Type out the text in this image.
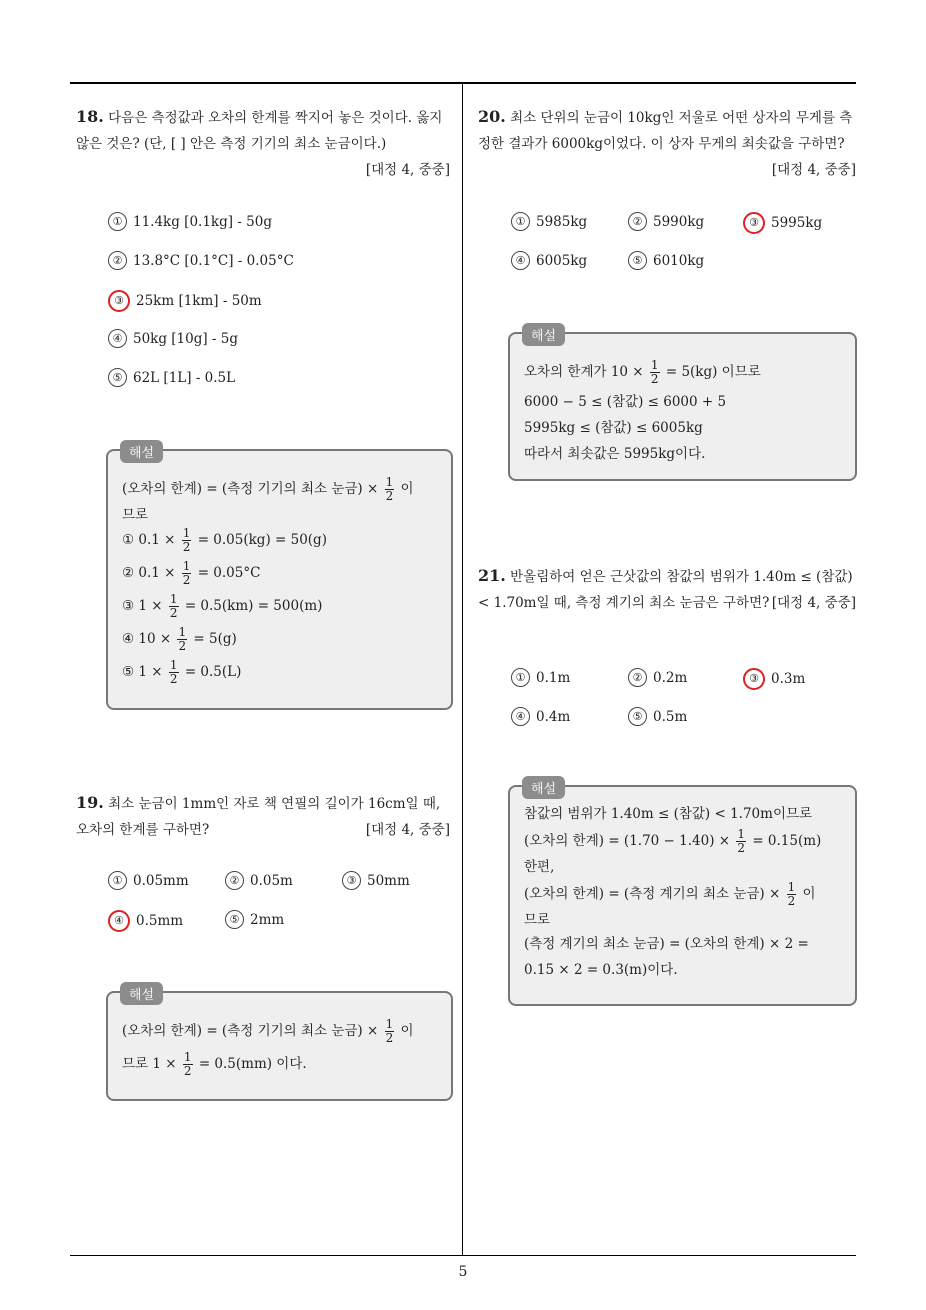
5
18. 다음은 측정값과 오차의 한계를 짝지어 놓은 것이다. 옳지 않은 것은? (단, [ ] 안은 측정 기기의 최소 눈금이다.)
[대정 4, 중중]
① 11.4kg [0.1kg] - 50g
② 13.8°C [0.1°C] - 0.05°C
③ 25km [1km] - 50m
④ 50kg [10g] - 5g
⑤ 62L [1L] - 0.5L
해설
(오차의 한계) = (측정 기기의 최소 눈금) × $\frac{1}{2}$ 이
므로
① $0.1 \times \frac{1}{2} = 0.05(kg) = 50(g)$
② $0.1 \times \frac{1}{2} = 0.05^\circ C$
③ $1 \times \frac{1}{2} = 0.5(km) = 500(m)$
④ $10 \times \frac{1}{2} = 5(g)$
⑤ $1 \times \frac{1}{2} = 0.5(L)$
19. 최소 눈금이 1mm인 자로 책 연필의 길이가 16cm일 때, 오차의 한계를 구하면?	[대정 4, 중중]
① 0.05mm	② 0.05m	③ 50mm
④ 0.5mm	⑤ 2mm
해설
(오차의 한계) = (측정 기기의 최소 눈금) × $\frac{1}{2}$ 이
므로 $1 \times \frac{1}{2} = 0.5(mm)$ 이다.
20. 최소 단위의 눈금이 10kg인 저울로 어떤 상자의 무게를 측정한 결과가 6000kg이었다. 이 상자 무게의 최솟값을 구하면?
[대정 4, 중중]
① 5985kg	② 5990kg	③ 5995kg
④ 6005kg	⑤ 6010kg
해설
오차의 한계가 $10 \times \frac{1}{2} = 5(kg)$ 이므로
6000 − 5 ≤ (참값) ≤ 6000 + 5
5995kg ≤ (참값) ≤ 6005kg
따라서 최솟값은 5995kg이다.
21. 반올림하여 얻은 근삿값의 참값의 범위가 1.40m ≤ (참값) < 1.70m일 때, 측정 계기의 최소 눈금은 구하면? [대정 4, 중중]
① 0.1m	② 0.2m	③ 0.3m
④ 0.4m	⑤ 0.5m
해설
참값의 범위가 1.40m ≤ (참값) < 1.70m이므로
(오차의 한계) = $(1.70 - 1.40) \times \frac{1}{2} = 0.15(m)$
한편,
(오차의 한계) = (측정 계기의 최소 눈금) × $\frac{1}{2}$ 이
므로
(측정 계기의 최소 눈금) = (오차의 한계) × 2 =
0.15 × 2 = 0.3(m)이다.
